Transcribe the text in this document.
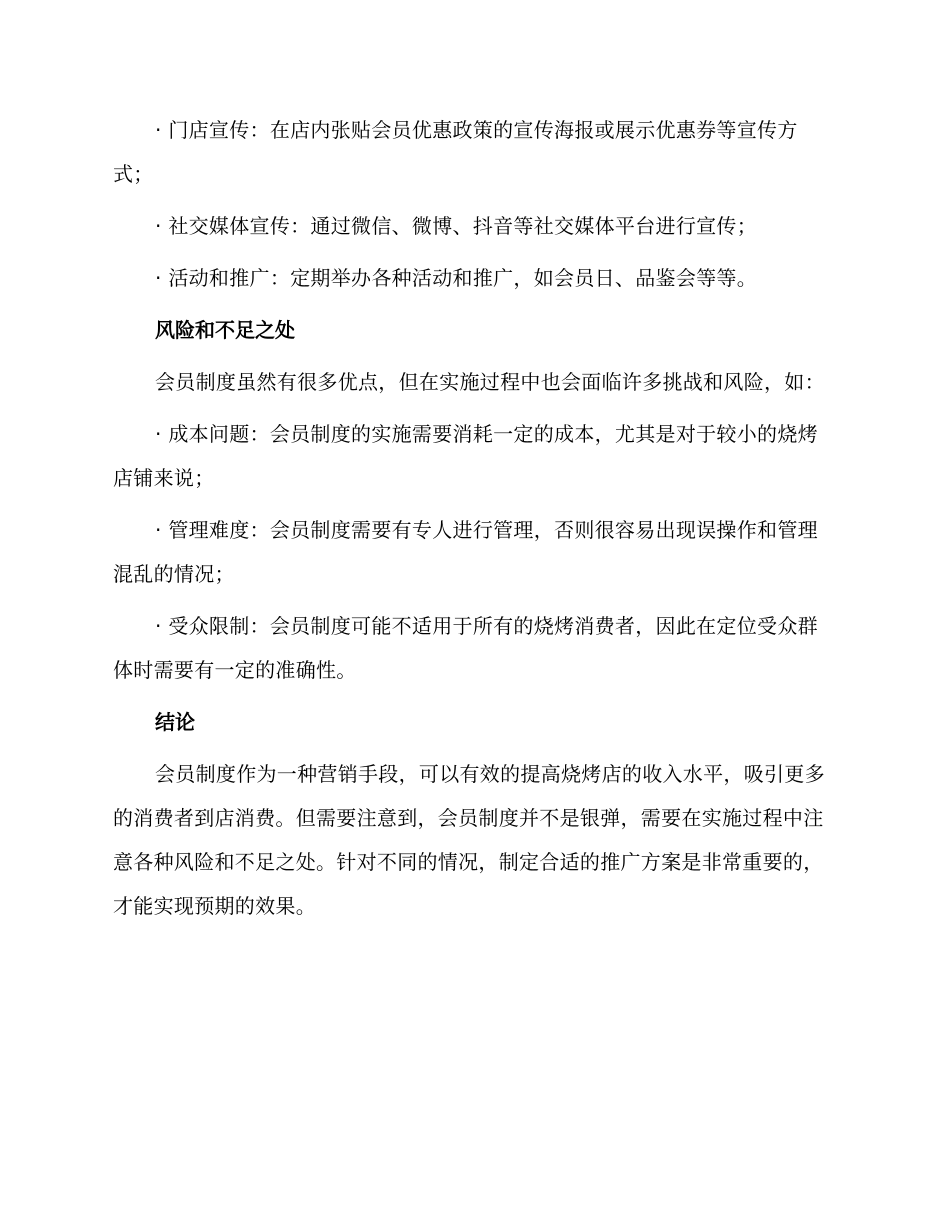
· 门店宣传：在店内张贴会员优惠政策的宣传海报或展示优惠券等宣传方式；

· 社交媒体宣传：通过微信、微博、抖音等社交媒体平台进行宣传；

· 活动和推广：定期举办各种活动和推广，如会员日、品鉴会等等。

风险和不足之处

会员制度虽然有很多优点，但在实施过程中也会面临许多挑战和风险，如：

· 成本问题：会员制度的实施需要消耗一定的成本，尤其是对于较小的烧烤店铺来说；

· 管理难度：会员制度需要有专人进行管理，否则很容易出现误操作和管理混乱的情况；

· 受众限制：会员制度可能不适用于所有的烧烤消费者，因此在定位受众群体时需要有一定的准确性。

结论

会员制度作为一种营销手段，可以有效的提高烧烤店的收入水平，吸引更多的消费者到店消费。但需要注意到，会员制度并不是银弹，需要在实施过程中注意各种风险和不足之处。针对不同的情况，制定合适的推广方案是非常重要的，才能实现预期的效果。
